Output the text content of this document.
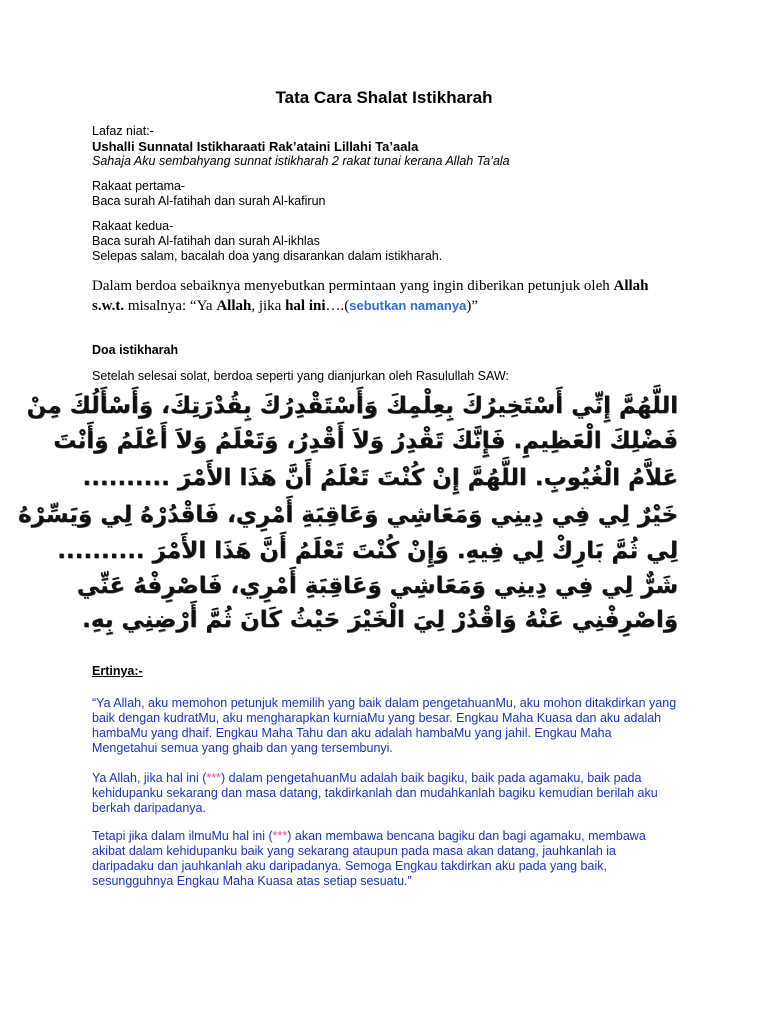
Tata Cara Shalat Istikharah
Lafaz niat:-
Ushalli Sunnatal Istikharaati Rak’ataini Lillahi Ta’aala
Sahaja Aku sembahyang sunnat istikharah 2 rakat tunai kerana Allah Ta’ala
Rakaat pertama-
Baca surah Al-fatihah dan surah Al-kafirun
Rakaat kedua-
Baca surah Al-fatihah dan surah Al-ikhlas
Selepas salam, bacalah doa yang disarankan dalam istikharah.
Dalam berdoa sebaiknya menyebutkan permintaan yang ingin diberikan petunjuk oleh Allah
s.w.t. misalnya: “Ya Allah, jika hal ini….(sebutkan namanya)”
Doa istikharah
Setelah selesai solat, berdoa seperti yang dianjurkan oleh Rasulullah SAW:
اللَّهُمَّ إِنِّي أَسْتَخِيرُكَ بِعِلْمِكَ وَأَسْتَقْدِرُكَ بِقُدْرَتِكَ، وَأَسْأَلُكَ مِنْ
فَضْلِكَ الْعَظِيمِ. فَإِنَّكَ تَقْدِرُ وَلاَ أَقْدِرُ، وَتَعْلَمُ وَلاَ أَعْلَمُ وَأَنْتَ
عَلاَّمُ الْغُيُوبِ. اللَّهُمَّ إِنْ كُنْتَ تَعْلَمُ أَنَّ هَذَا الأَمْرَ ..........
خَيْرٌ لِي فِي دِينِي وَمَعَاشِي وَعَاقِبَةِ أَمْرِي، فَاقْدُرْهُ لِي وَيَسِّرْهُ
لِي ثُمَّ بَارِكْ لِي فِيهِ. وَإِنْ كُنْتَ تَعْلَمُ أَنَّ هَذَا الأَمْرَ ..........
شَرٌّ لِي فِي دِينِي وَمَعَاشِي وَعَاقِبَةِ أَمْرِي، فَاصْرِفْهُ عَنِّي
وَاصْرِفْنِي عَنْهُ وَاقْدُرْ لِيَ الْخَيْرَ حَيْثُ كَانَ ثُمَّ أَرْضِنِي بِهِ.
Ertinya:-
“Ya Allah, aku memohon petunjuk memilih yang baik dalam pengetahuanMu, aku mohon ditakdirkan yang baik dengan kudratMu, aku mengharapkan kurniaMu yang besar. Engkau Maha Kuasa dan aku adalah hambaMu yang dhaif. Engkau Maha Tahu dan aku adalah hambaMu yang jahil. Engkau Maha Mengetahui semua yang ghaib dan yang tersembunyi.
Ya Allah, jika hal ini (***) dalam pengetahuanMu adalah baik bagiku, baik pada agamaku, baik pada kehidupanku sekarang dan masa datang, takdirkanlah dan mudahkanlah bagiku kemudian berilah aku berkah daripadanya.
Tetapi jika dalam ilmuMu hal ini (***) akan membawa bencana bagiku dan bagi agamaku, membawa akibat dalam kehidupanku baik yang sekarang ataupun pada masa akan datang, jauhkanlah ia daripadaku dan jauhkanlah aku daripadanya. Semoga Engkau takdirkan aku pada yang baik, sesungguhnya Engkau Maha Kuasa atas setiap sesuatu.”
